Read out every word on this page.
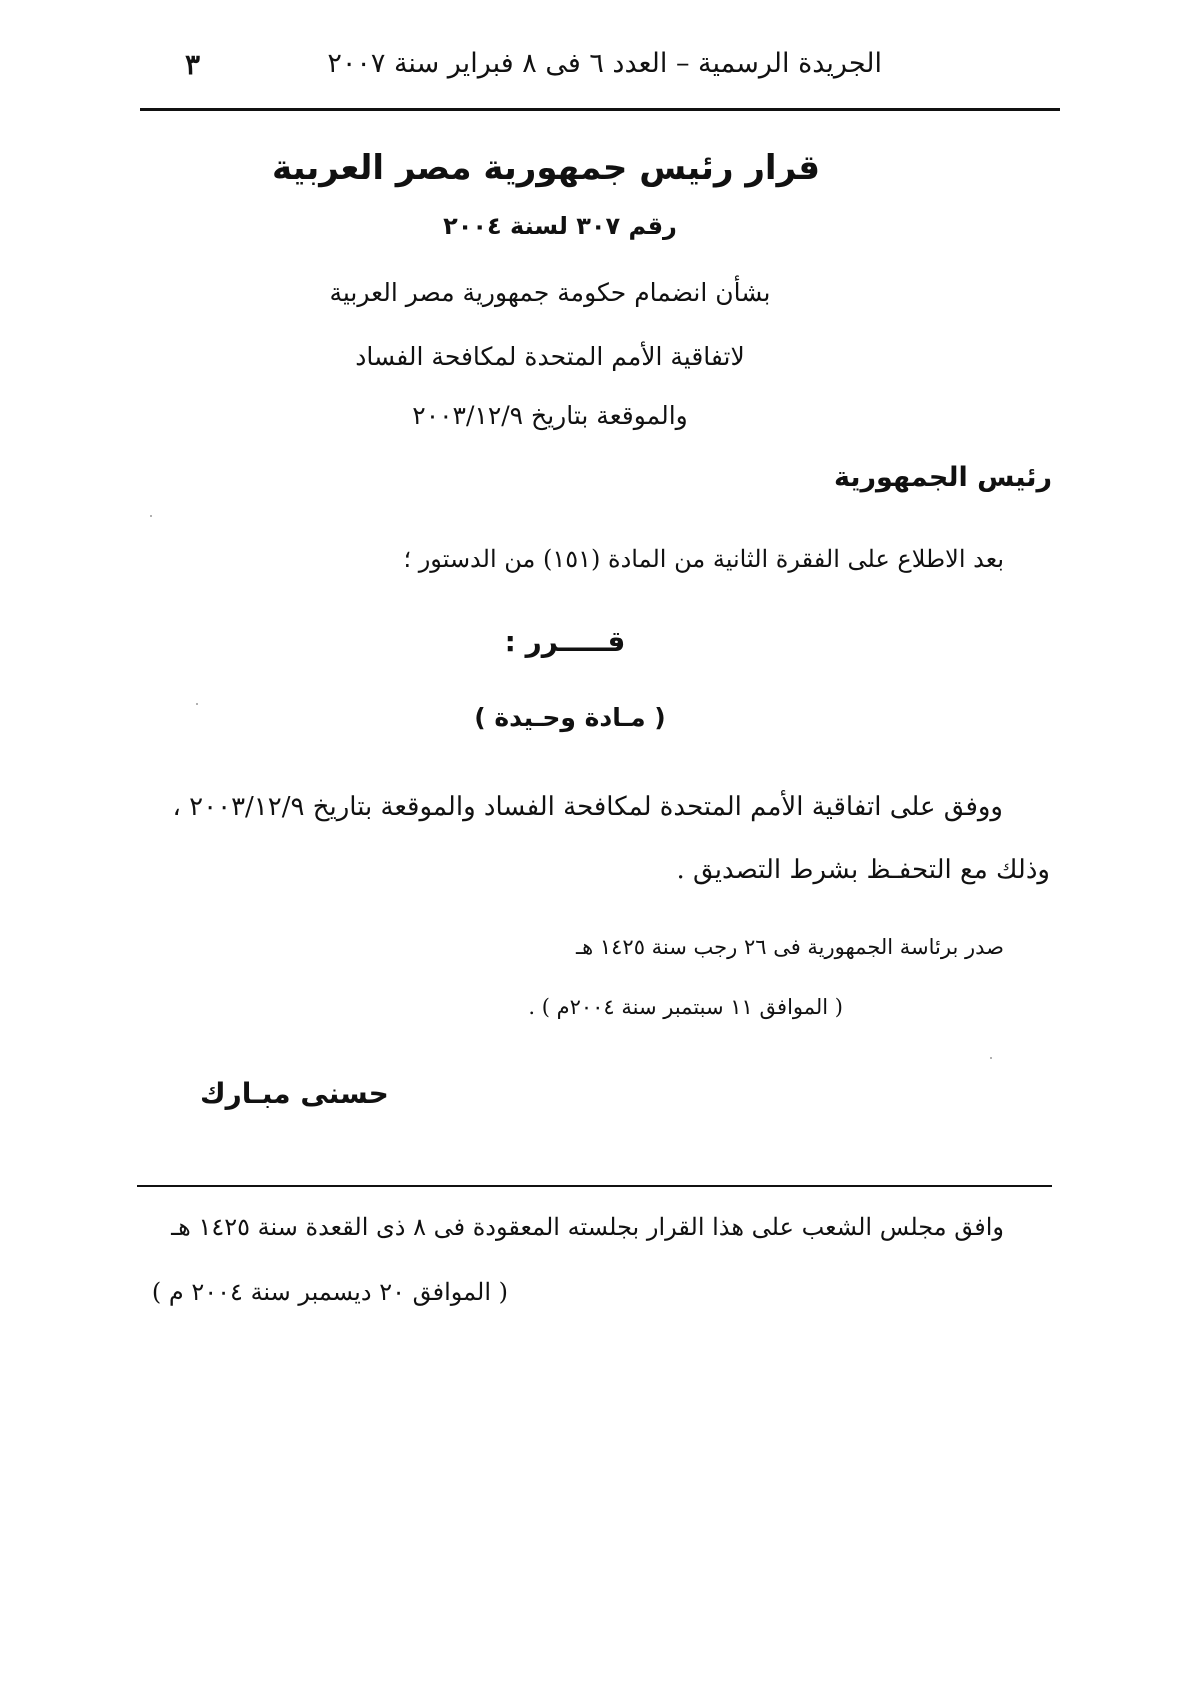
٣	الجريدة الرسمية – العدد ٦ فى ٨ فبراير سنة ٢٠٠٧
قرار رئيس جمهورية مصر العربية
رقم ٣٠٧ لسنة ٢٠٠٤
بشأن انضمام حكومة جمهورية مصر العربية
لاتفاقية الأمم المتحدة لمكافحة الفساد
والموقعة بتاريخ ٢٠٠٣/١٢/٩
رئيس الجمهورية
بعد الاطلاع على الفقرة الثانية من المادة (١٥١) من الدستور ؛
قـــــرر :
( مـادة وحـيدة )
ووفق على اتفاقية الأمم المتحدة لمكافحة الفساد والموقعة بتاريخ ٢٠٠٣/١٢/٩ ،
وذلك مع التحفـظ بشرط التصديق .
صدر برئاسة الجمهورية فى ٢٦ رجب سنة ١٤٢٥ هـ
( الموافق ١١ سبتمبر سنة ٢٠٠٤م ) .
حسنى مبـارك
وافق مجلس الشعب على هذا القرار بجلسته المعقودة فى ٨ ذى القعدة سنة ١٤٢٥ هـ
( الموافق ٢٠ ديسمبر سنة ٢٠٠٤ م )
